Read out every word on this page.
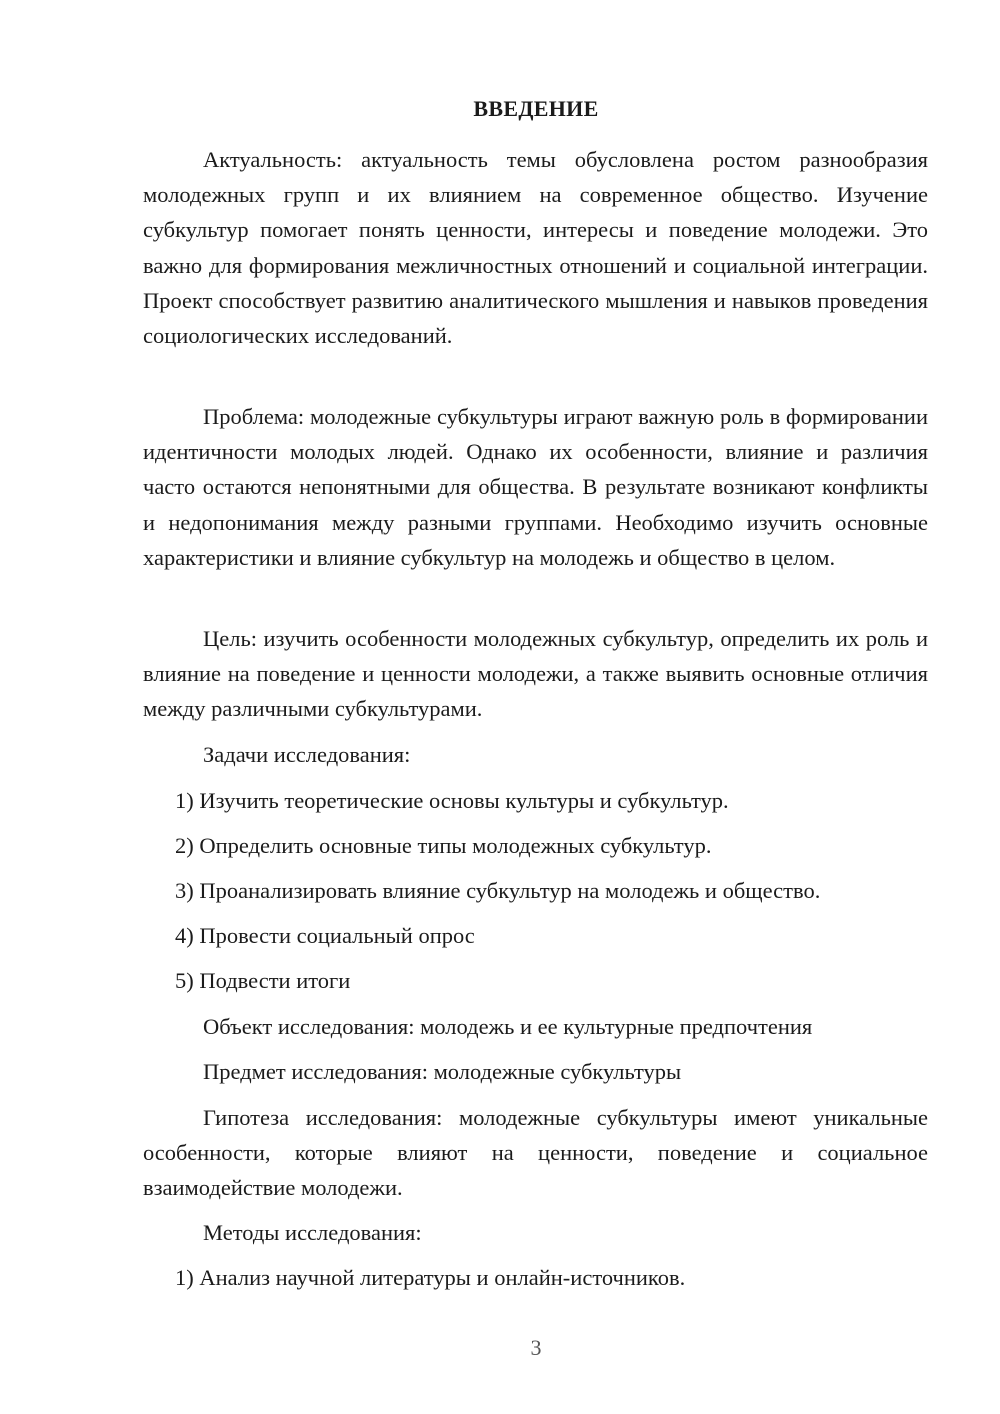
ВВЕДЕНИЕ
Актуальность: актуальность темы обусловлена ростом разнообразия молодежных групп и их влиянием на современное общество. Изучение субкультур помогает понять ценности, интересы и поведение молодежи. Это важно для формирования межличностных отношений и социальной интеграции. Проект способствует развитию аналитического мышления и навыков проведения социологических исследований.
Проблема: молодежные субкультуры играют важную роль в формировании идентичности молодых людей. Однако их особенности, влияние и различия часто остаются непонятными для общества. В результате возникают конфликты и недопонимания между разными группами. Необходимо изучить основные характеристики и влияние субкультур на молодежь и общество в целом.
Цель: изучить особенности молодежных субкультур, определить их роль и влияние на поведение и ценности молодежи, а также выявить основные отличия между различными субкультурами.
Задачи исследования:
1) Изучить теоретические основы культуры и субкультур.
2) Определить основные типы молодежных субкультур.
3) Проанализировать влияние субкультур на молодежь и общество.
4) Провести социальный опрос
5) Подвести итоги
Объект исследования: молодежь и ее культурные предпочтения
Предмет исследования: молодежные субкультуры
Гипотеза исследования: молодежные субкультуры имеют уникальные особенности, которые влияют на ценности, поведение и социальное взаимодействие молодежи.
Методы исследования:
1) Анализ научной литературы и онлайн-источников.
3
